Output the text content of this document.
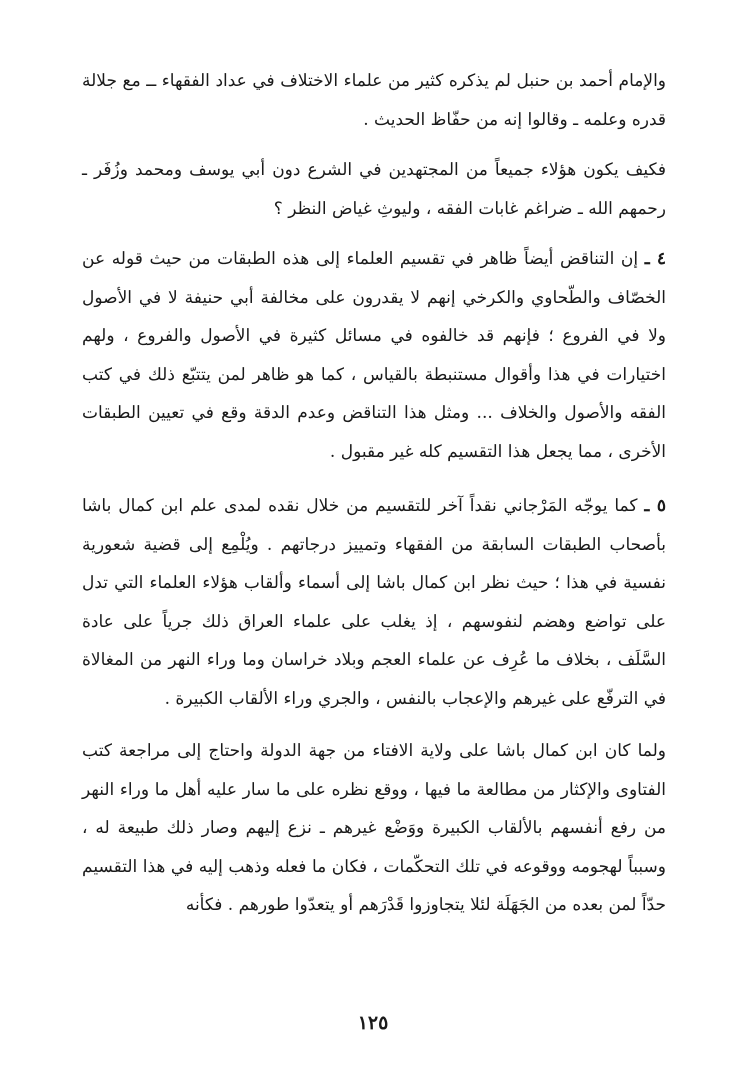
والإمام أحمد بن حنبل لم يذكره كثير من علماء الاختلاف في عداد الفقهاء ــ مع جلالة قدره وعلمه ـ وقالوا إنه من حفّاظ الحديث .

فكيف يكون هؤلاء جميعاً من المجتهدين في الشرع دون أبي يوسف ومحمد وزُفَر ـ رحمهم الله ـ ضراغم غابات الفقه ، وليوثِ غياض النظر ؟

٤ ـ إن التناقض أيضاً ظاهر في تقسيم العلماء إلى هذه الطبقات من حيث قوله عن الخصّاف والطّحاوي والكرخي إنهم لا يقدرون على مخالفة أبي حنيفة لا في الأصول ولا في الفروع ؛ فإنهم قد خالفوه في مسائل كثيرة في الأصول والفروع ، ولهم اختيارات في هذا وأقوال مستنبطة بالقياس ، كما هو ظاهر لمن يتتبّع ذلك في كتب الفقه والأصول والخلاف ... ومثل هذا التناقض وعدم الدقة وقع في تعيين الطبقات الأخرى ، مما يجعل هذا التقسيم كله غير مقبول .

٥ ـ كما يوجّه المَرْجاني نقداً آخر للتقسيم من خلال نقده لمدى علم ابن كمال باشا بأصحاب الطبقات السابقة من الفقهاء وتمييز درجاتهم . ويُلْمِع إلى قضية شعورية نفسية في هذا ؛ حيث نظر ابن كمال باشا إلى أسماء وألقاب هؤلاء العلماء التي تدل على تواضع وهضم لنفوسهم ، إذ يغلب على علماء العراق ذلك جرياً على عادة السَّلَف ، بخلاف ما عُرِف عن علماء العجم وبلاد خراسان وما وراء النهر من المغالاة في الترفّع على غيرهم والإعجاب بالنفس ، والجري وراء الألقاب الكبيرة .

ولما كان ابن كمال باشا على ولاية الافتاء من جهة الدولة واحتاج إلى مراجعة كتب الفتاوى والإكثار من مطالعة ما فيها ، ووقع نظره على ما سار عليه أهل ما وراء النهر من رفع أنفسهم بالألقاب الكبيرة ووَضْع غيرهم ـ نزع إليهم وصار ذلك طبيعة له ، وسبباً لهجومه ووقوعه في تلك التحكّمات ، فكان ما فعله وذهب إليه في هذا التقسيم حدّاً لمن بعده من الجَهَلَة لئلا يتجاوزوا قَدْرَهم أو يتعدّوا طورهم . فكأنه

١٢٥
